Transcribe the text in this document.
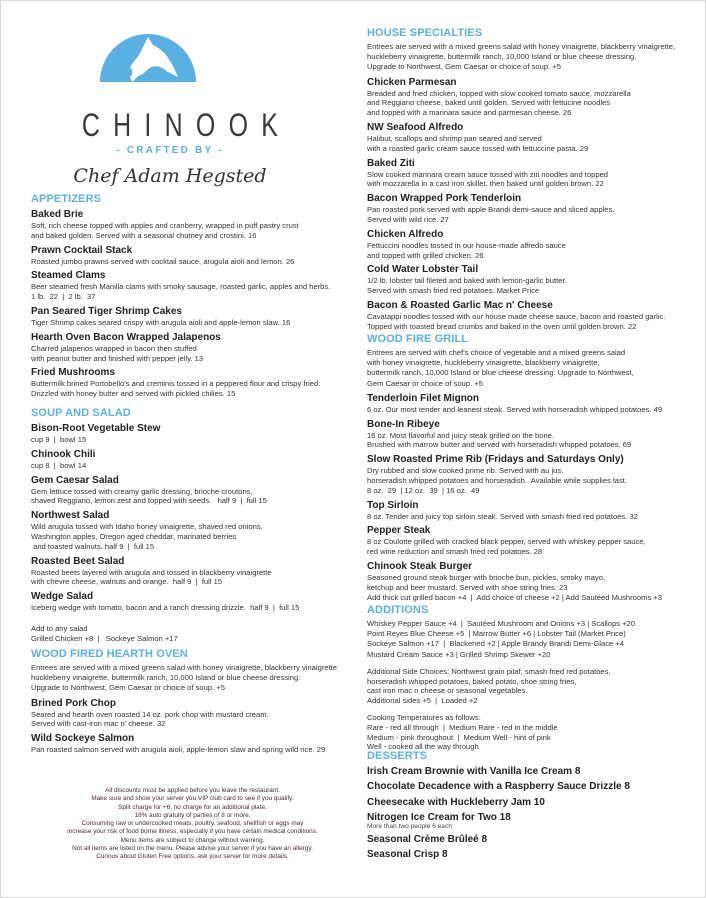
CHINOOK
- CRAFTED BY -
Chef Adam Hegsted
APPETIZERS
Baked Brie
Soft, rich cheese topped with apples and cranberry, wrapped in puff pastry crust
and baked golden. Served with a seasonal chutney and crostini. 16
Prawn Cocktail Stack
Roasted jumbo prawns served with cocktail sauce, arugula aioli and lemon. 26
Steamed Clams
Beer steamed fresh Manilla clams with smoky sausage, roasted garlic, apples and herbs.
1 lb.  22  |  2 lb.  37
Pan Seared Tiger Shrimp Cakes
Tiger Shrimp cakes seared crispy with arugula aioli and apple-lemon slaw. 16
Hearth Oven Bacon Wrapped Jalapenos
Charred jalapenos wrapped in bacon then stuffed
with peanut butter and finished with pepper jelly. 13
Fried Mushrooms
Buttermilk brined Portobello's and creminis tossed in a peppered flour and crispy fried.
Drizzled with honey butter and served with pickled chilies. 15
SOUP AND SALAD
Bison-Root Vegetable Stew
cup 9  |  bowl 15
Chinook Chili
cup 8  |  bowl 14
Gem Caesar Salad
Gem lettuce tossed with creamy garlic dressing, brioche croutons,
shaved Reggiano, lemon zest and topped with seeds.   half 9  |  full 15
Northwest Salad
Wild arugula tossed with Idaho honey vinaigrette, shaved red onions,
Washington apples, Oregon aged cheddar, marinated berries
and toasted walnuts. half 9  |  full 15
Roasted Beet Salad
Roasted beets layered with arugula and tossed in blackberry vinaigrette
with chevre cheese, walnuts and orange.  half 9  |  full 15
Wedge Salad
Iceberg wedge with tomato, bacon and a ranch dressing drizzle.  half 9  |  full 15
Add to any salad
Grilled Chicken +8  |   Sockeye Salmon +17
WOOD FIRED HEARTH OVEN
Entrees are served with a mixed greens salad with honey vinaigrette, blackberry vinaigrette
huckleberry vinaigrette, buttermilk ranch, 10,000 Island or blue cheese dressing.
Upgrade to Northwest, Gem Caesar or choice of soup. +5
Brined Pork Chop
Seared and hearth oven roasted 14 oz. pork chop with mustard cream.
Served with cast-iron mac n' cheese. 32
Wild Sockeye Salmon
Pan roasted salmon served with arugula aioli, apple-lemon slaw and spring wild rice. 29
HOUSE SPECIALTIES
Entrees are served with a mixed greens salad with honey vinaigrette, blackberry vinaigrette,
huckleberry vinaigrette, buttermilk ranch, 10,000 Island or blue cheese dressing.
Upgrade to Northwest, Gem Caesar or choice of soup. +5
Chicken Parmesan
Breaded and fried chicken, topped with slow cooked tomato sauce, mozzarella
and Reggiano cheese, baked until golden. Served with fettucine noodles
and topped with a marinara sauce and parmesan cheese. 26
NW Seafood Alfredo
Halibut, scallops and shrimp pan seared and served
with a roasted garlic cream sauce tossed with fettuccine pasta. 29
Baked Ziti
Slow cooked marinara cream sauce tossed with ziti noodles and topped
with mozzarella in a cast iron skillet, then baked until golden brown. 22
Bacon Wrapped Pork Tenderloin
Pan roasted pork served with apple Brandi demi-sauce and sliced apples.
Served with wild rice. 27
Chicken Alfredo
Fettuccini noodles tossed in our house-made alfredo sauce
and topped with grilled chicken. 26
Cold Water Lobster Tail
1/2 lb. lobster tail fileted and baked with lemon-garlic butter.
Served with smash fried red potatoes. Market Price
Bacon & Roasted Garlic Mac n' Cheese
Cavatappi noodles tossed with our house made cheese sauce, bacon and roasted garlic.
Topped with toasted bread crumbs and baked in the oven until golden brown. 22
WOOD FIRE GRILL
Entrees are served with chef's choice of vegetable and a mixed greens salad
with honey vinaigrette, huckleberry vinaigrette, blackberry vinaigrette,
buttermilk ranch, 10,000 Island or blue cheese dressing. Upgrade to Northwest,
Gem Caesar or choice of soup. +5
Tenderloin Filet Mignon
6 oz. Our most tender and leanest steak. Served with horseradish whipped potatoes. 49
Bone-In Ribeye
16 oz. Most flavorful and juicy steak grilled on the bone.
Brushed with marrow butter and served with horseradish whipped potatoes. 69
Slow Roasted Prime Rib (Fridays and Saturdays Only)
Dry rubbed and slow cooked prime rib. Served with au jus,
horseradish whipped potatoes and horseradish.  Available while supplies last.
8 oz.  29  | 12 oz.  39  | 16 oz.  49
Top Sirloin
8 oz. Tender and juicy top sirloin steak. Served with smash fried red potatoes. 32
Pepper Steak
8 oz Coulotte grilled with cracked black pepper, served with whiskey pepper sauce,
red wine reduction and smash fried red potatoes. 28
Chinook Steak Burger
Seasoned ground steak burger with brioche bun, pickles, smoky mayo,
ketchup and beer mustard. Served with shoe string fries. 23
Add thick cut grilled bacon +4  |  Add choice of cheese +2 | Add Sautéed Mushrooms +3
ADDITIONS
Whiskey Pepper Sauce +4  |  Sautéed Mushroom and Onions +3 | Scallops +20
Point Reyes Blue Cheese +5  | Marrow Butter +6 | Lobster Tail (Market Price)
Sockeye Salmon +17  |  Blackened +2 | Apple Brandy Brandi Demi-Glace +4
Mustard Cream Sauce +3 | Grilled Shrimp Skewer +20
Additional Side Choices: Northwest grain pilaf, smash fried red potatoes,
horseradish whipped potatoes, baked potato, shoe string fries,
cast iron mac n cheese or seasonal vegetables.
Additional sides +5  |  Loaded +2
Cooking Temperatures as follows:
Rare - red all through  |  Medium Rare - red in the middle
Medium - pink throughout  |  Medium Well - hint of pink
Well - cooked all the way through
DESSERTS
Irish Cream Brownie with Vanilla Ice Cream 8
Chocolate Decadence with a Raspberry Sauce Drizzle 8
Cheesecake with Huckleberry Jam 10
Nitrogen Ice Cream for Two 18
More than two people 6 each
Seasonal Crème Brûleé 8
Seasonal Crisp 8
All discounts must be applied before you leave the restaurant.
Make sure and show your server you VIP club card to see if you qualify.
Split charge for +6, no charge for an additional plate.
18% auto gratuity of parties of 8 or more.
Consuming raw or undercooked meats, poultry, seafood, shellfish or eggs may
increase your risk of food borne illness, especially if you have certain medical conditions.
Menu items are subject to change without warning.
Not all items are listed on the menu. Please advise your server if you have an allergy.
Curious about Gluten Free options, ask your server for more details.
